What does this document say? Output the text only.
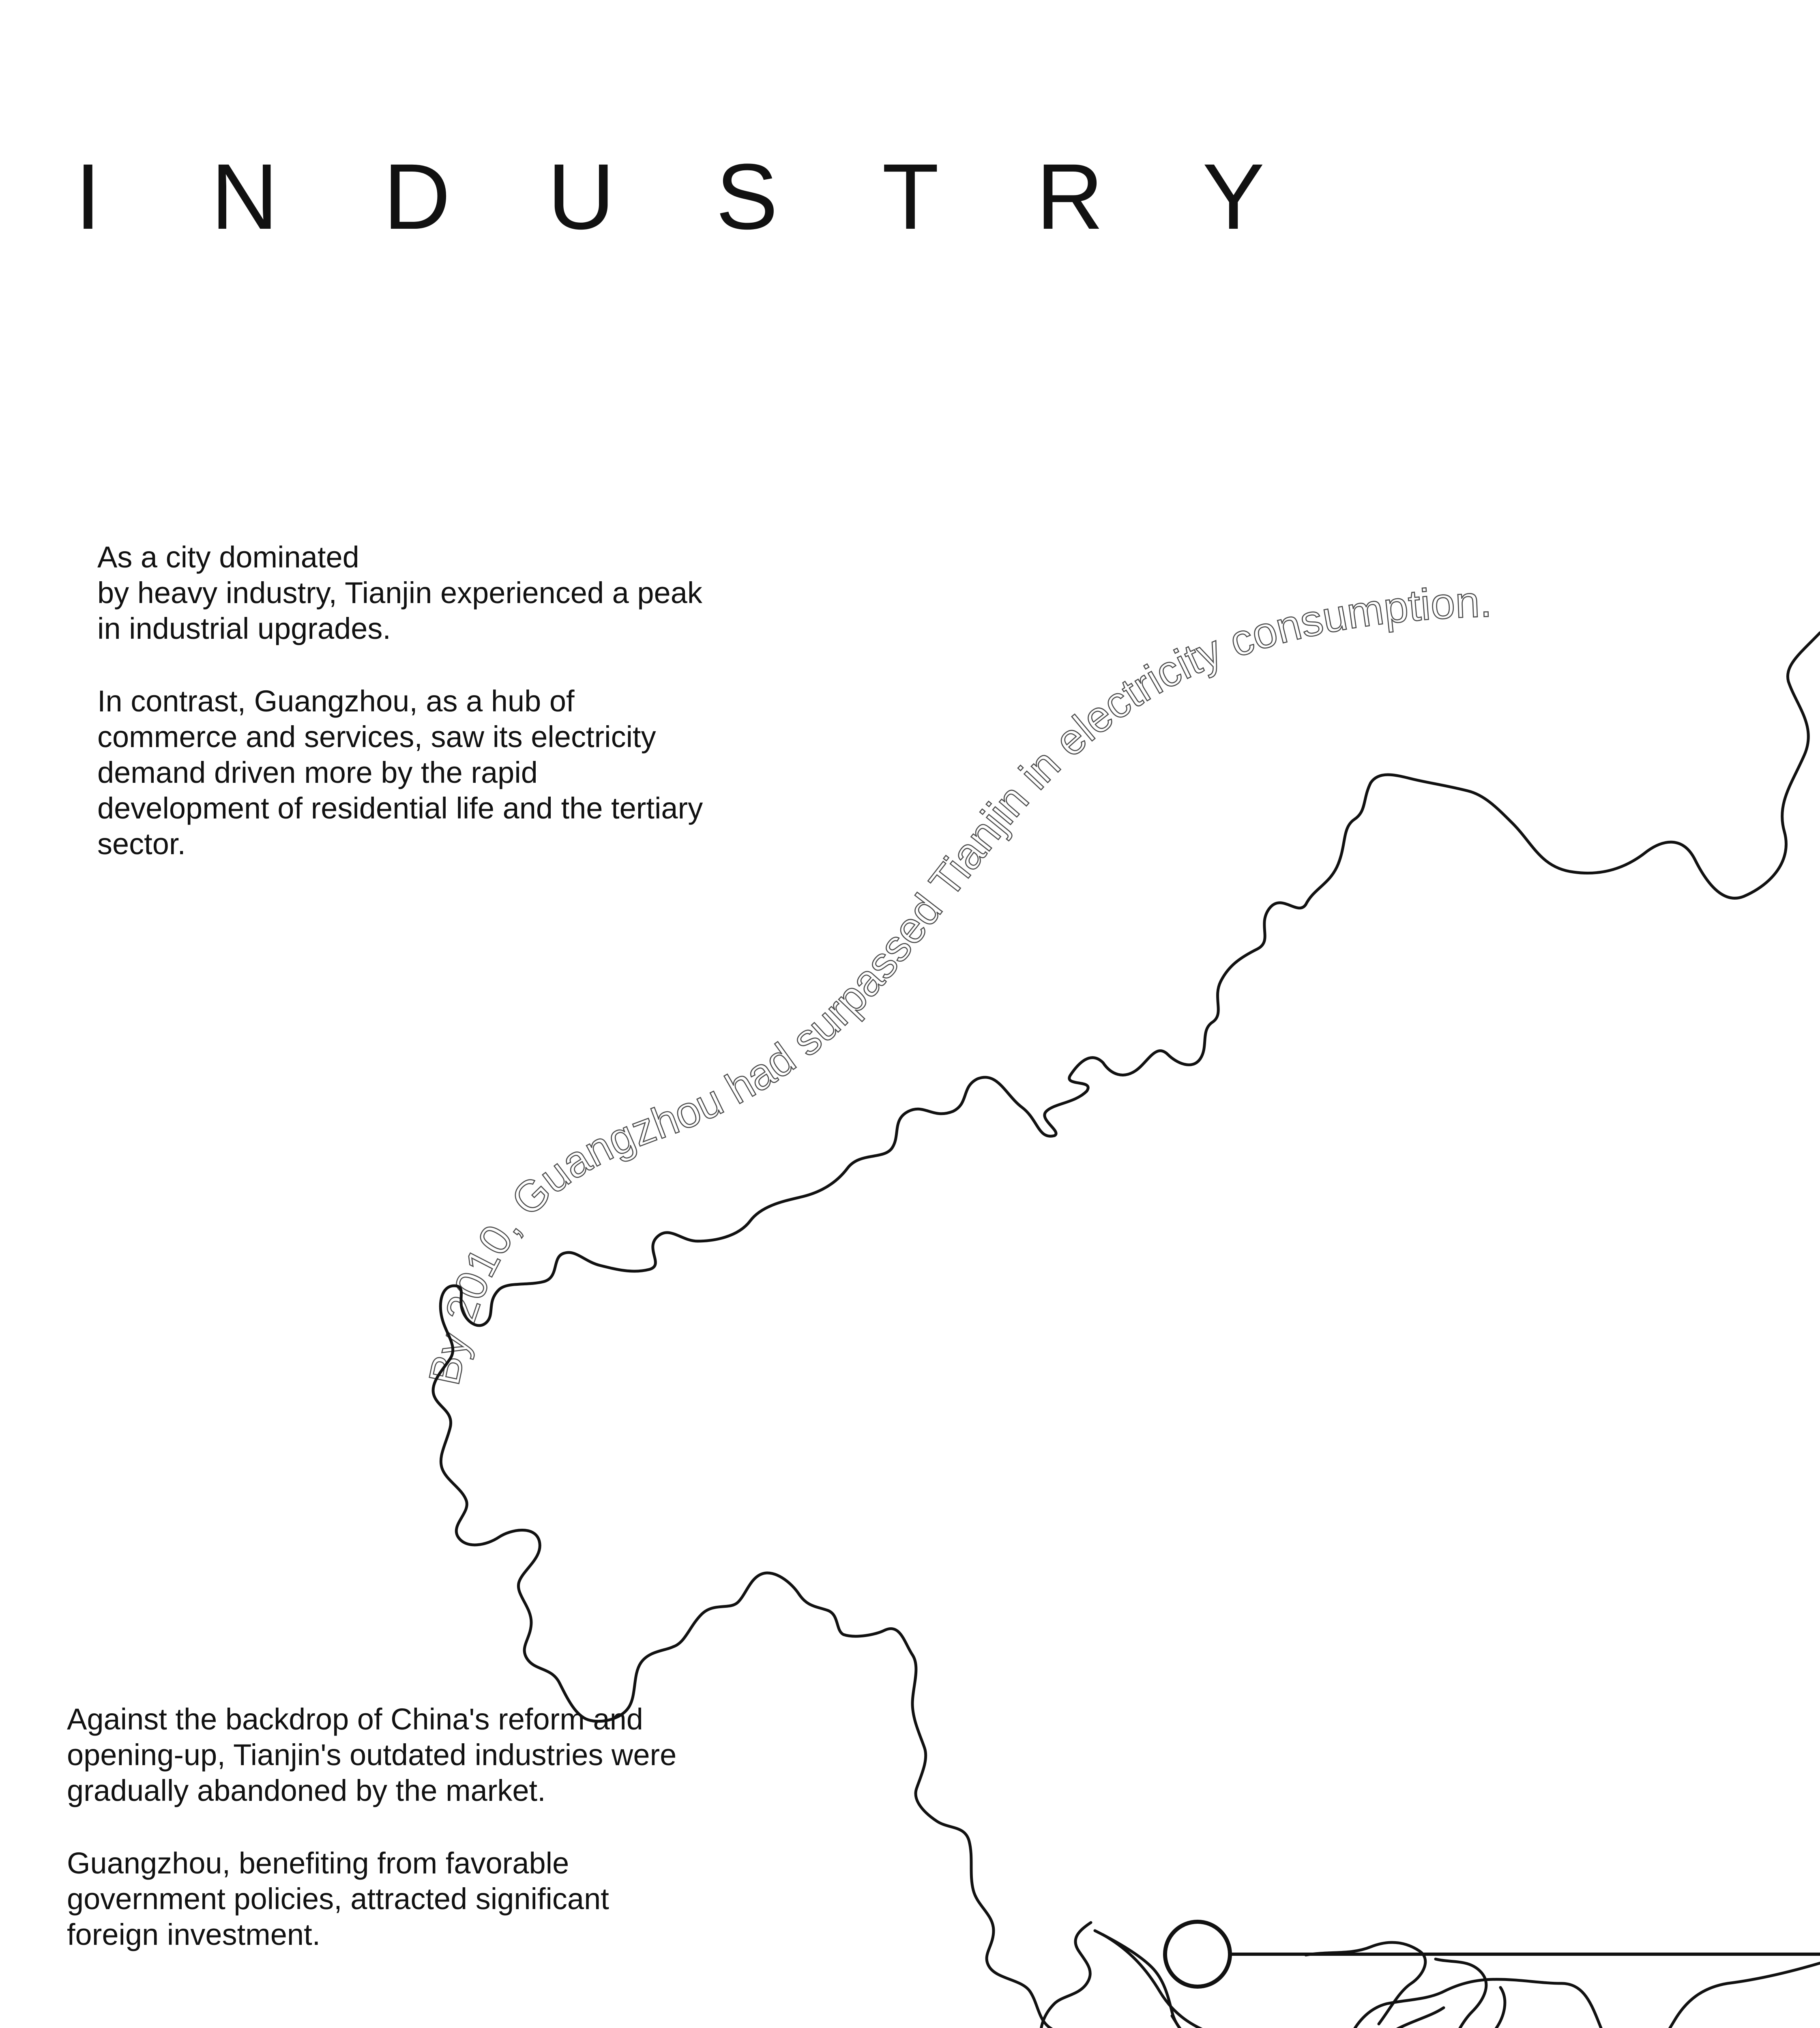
I N D U S T R Y

As a city dominated
by heavy industry, Tianjin experienced a peak
in industrial upgrades.

In contrast, Guangzhou, as a hub of
commerce and services, saw its electricity
demand driven more by the rapid
development of residential life and the tertiary
sector.

Against the backdrop of China's reform and
opening-up, Tianjin's outdated industries were
gradually abandoned by the market.

Guangzhou, benefiting from favorable
government policies, attracted significant
foreign investment.

By 2010, Guangzhou had surpassed Tianjin in electricity consumption.
